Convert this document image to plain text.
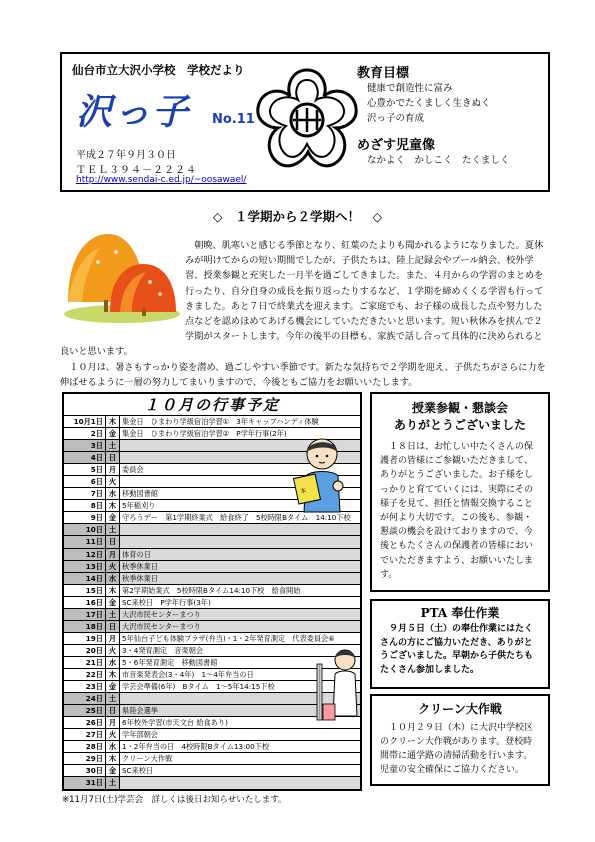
仙台市立大沢小学校　学校だより
沢っ子 No.11
平成２７年９月３０日
ＴＥＬ３９４－２２２４
http://www.sendai-c.ed.jp/~oosawael/
教育目標
健康で創造性に富み
心豊かでたくましく生きぬく
沢っ子の育成
めざす児童像
なかよく　かしこく　たくましく
◇　１学期から２学期へ！　◇

朝晩、肌寒いと感じる季節となり、紅葉のたよりも聞かれるようになりました。夏休みが明けてからの短い期間でしたが、子供たちは、陸上記録会やプール納会、校外学習、授業参観と充実した一月半を過ごしてきました。また、４月からの学習のまとめを行ったり、自分自身の成長を振り返ったりするなど、１学期を締めくくる学習も行ってきました。あと７日で終業式を迎えます。ご家庭でも、お子様の成長した点や努力した点などを認めほめてあげる機会にしていただきたいと思います。短い秋休みを挟んで２学期がスタートします。今年の後半の目標も、家族で話し合って具体的に決められると良いと思います。

１０月は、暑さもすっかり姿を潜め、過ごしやすい季節です。新たな気持ちで２学期を迎え、子供たちがさらに力を伸ばせるように一層の努力してまいりますので、今後ともご協力をお願いいたします。

１０月の行事予定
10月1日 木 集金日　ひまわり学級宿泊学習①　3年キャップハンディ体験
2日 金 集金日　ひまわり学級宿泊学習②　P学年行事(2年)
3日 土
4日 日
5日 月 委員会
6日 火
7日 水 移動図書館
8日 木 5年稲刈り
9日 金 守ろうデー　第1学期終業式　給食終了　5校時限Bタイム　14:10下校
10日 土
11日 日
12日 月 体育の日
13日 火 秋季休業日
14日 水 秋季休業日
15日 木 第2学期始業式　5校時限Bタイム14:10下校　給食開始
16日 金 SC来校日　P学年行事(3年)
17日 土 大沢市民センターまつり
18日 日 大沢市民センターまつり
19日 月 5年仙台子ども体験プラザ(弁当)・1・2年発育測定　代表委員会⑥
20日 火 3・4発育測定　音楽朝会
21日 水 5・6年発育測定　移動図書館
22日 木 市音楽発表会(3・4年)　1～4年弁当の日
23日 金 学芸会準備(6年)　Bタイム　1～5年14:15下校
24日 土
25日 日 県陸会選挙
26日 月 6年校外学習(市天文台 給食あり)
27日 火 学年部朝会
28日 水 1・2年弁当の日　4校時限Bタイム13:00下校
29日 木 クリーン大作戦
30日 金 SC来校日
31日 土
※11月7日(土)学芸会　詳しくは後日お知らせいたします。
本
授業参観・懇談会
ありがとうございました
　１８日は、お忙しい中たくさんの保護者の皆様にご参観いただきまして、ありがとうございました。お子様をしっかりと育てていくには、実際にその様子を見て、担任と情報交換することが何より大切です。この後も、参観・懇談の機会を設けておりますので、今後ともたくさんの保護者の皆様においでいただきますよう、お願いいたします。
PTA 奉仕作業
　９月５日（土）の奉仕作業にはたくさんの方にご協力いただき、ありがとうございました。早朝から子供たちもたくさん参加しました。
クリーン大作戦
　１０月２９日（木）に大沢中学校区のクリーン大作戦があります。登校時間帯に通学路の清掃活動を行います。児童の安全確保にご協力ください。
